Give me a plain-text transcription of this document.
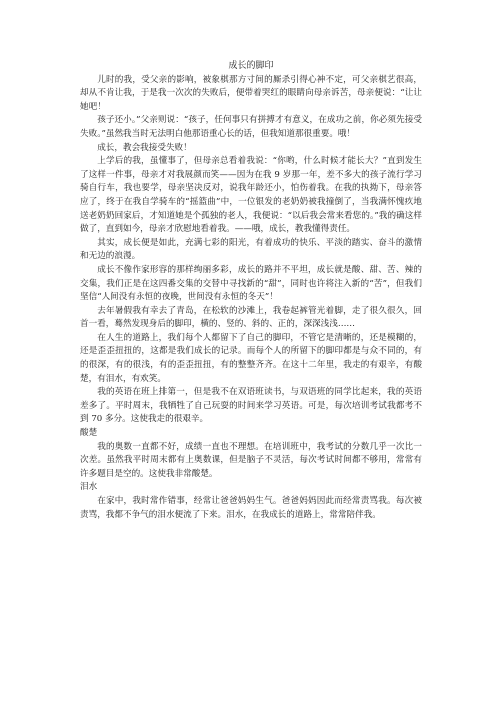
成长的脚印

儿时的我，受父亲的影响，被象棋那方寸间的厮杀引得心神不定，可父亲棋艺很高，却从不肯让我，于是我一次次的失败后，便带着哭红的眼睛向母亲诉苦，母亲便说：“让让她吧！

孩子还小。”父亲则说：“孩子，任何事只有拼搏才有意义，在成功之前，你必须先接受失败。”虽然我当时无法明白他那语重心长的话，但我知道那很重要。哦！

成长，教会我接受失败！

上学后的我，虽懂事了，但母亲总看着我说：“你哟，什么时候才能长大？”直到发生了这样一件事，母亲才对我展颜而笑——因为在我 9 岁那一年，差不多大的孩子流行学习骑自行车，我也要学，母亲坚决反对，说我年龄还小，怕伤着我。在我的执拗下，母亲答应了，终于在我自学骑车的“摇篮曲”中，一位银发的老奶奶被我撞倒了，当我满怀愧疚地送老奶奶回家后，才知道她是个孤独的老人，我便说：“以后我会常来看您的。”我的确这样做了，直到如今，母亲才欣慰地看着我。——哦，成长，教我懂得责任。

其实，成长便是如此，充满七彩的阳光，有着成功的快乐、平淡的踏实、奋斗的激情和无边的浪漫。

成长不像作家形容的那样绚丽多彩，成长的路并不平坦，成长就是酸、甜、苦、辣的交集，我们正是在这四番交集的交替中寻找新的“甜”，同时也许将注入新的“苦”，但我们坚信“人间没有永恒的夜晚，世间没有永恒的冬天”！

去年暑假我有幸去了青岛，在松软的沙滩上，我卷起裤管光着脚，走了很久很久，回首一看，蓦然发现身后的脚印，横的、竖的、斜的、正的，深深浅浅……

在人生的道路上，我们每个人都留下了自己的脚印，不管它是清晰的，还是模糊的，还是歪歪扭扭的，这都是我们成长的记录。而每个人的所留下的脚印都是与众不同的，有的很深，有的很浅，有的歪歪扭扭，有的整整齐齐。在这十二年里，我走的有艰辛，有酸楚，有泪水，有欢笑。

我的英语在班上排第一，但是我不在双语班读书，与双语班的同学比起来，我的英语差多了。平时周末，我牺牲了自己玩耍的时间来学习英语。可是，每次培训考试我都考不到 70 多分。这使我走的很艰辛。

酸楚

我的奥数一直都不好，成绩一直也不理想。在培训班中，我考试的分数几乎一次比一次差。虽然我平时周末都有上奥数课，但是脑子不灵活，每次考试时间都不够用，常常有许多题目是空的。这使我非常酸楚。

泪水

在家中，我时常作错事，经常让爸爸妈妈生气。爸爸妈妈因此而经常责骂我。每次被责骂，我都不争气的泪水便流了下来。泪水，在我成长的道路上，常常陪伴我。
